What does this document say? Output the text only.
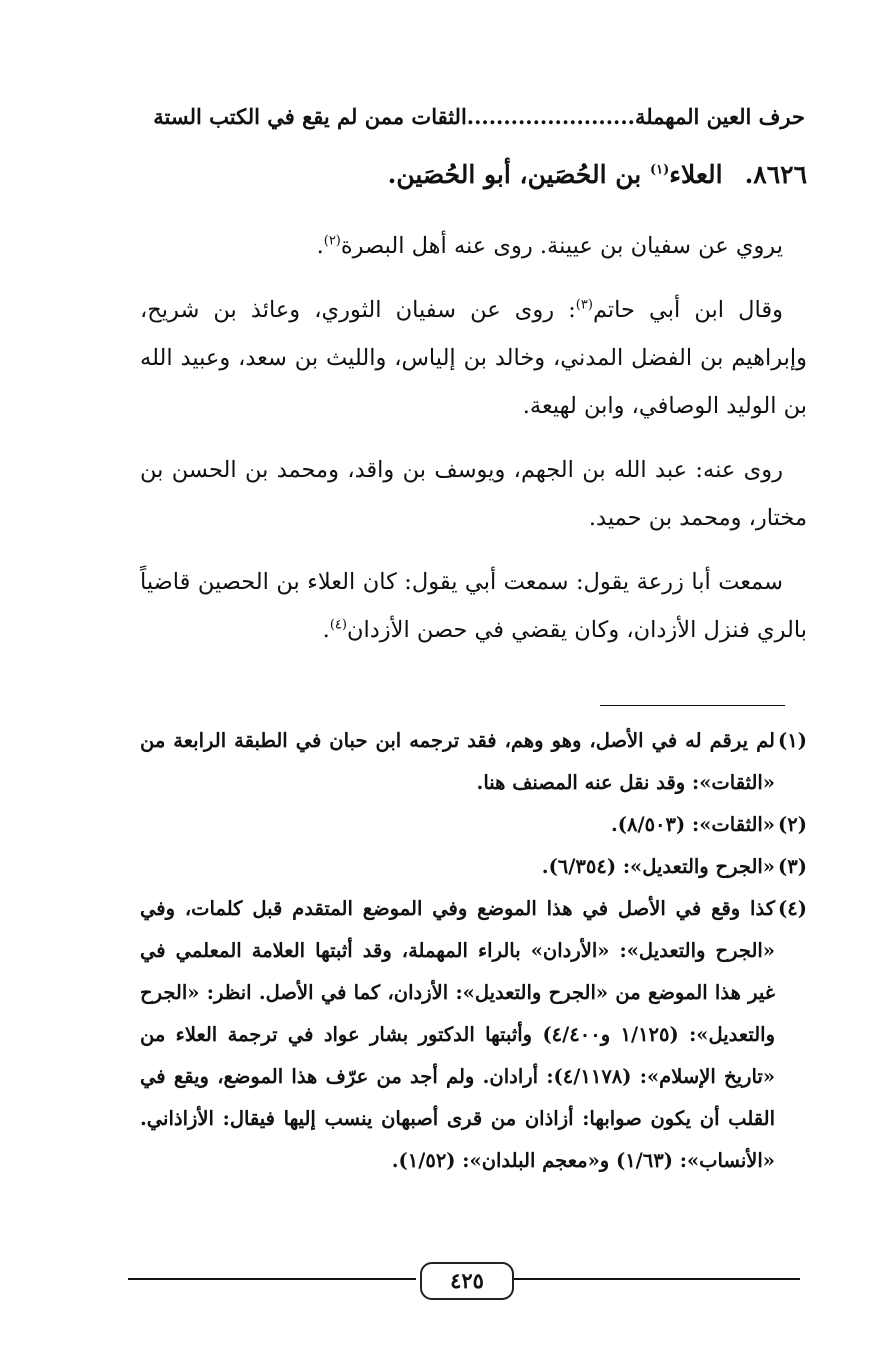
حرف العين المهملة.......................الثقات ممن لم يقع في الكتب الستة
٨٦٢٦.العلاء$^{(١)}$ بن الحُصَين، أبو الحُصَين.

يروي عن سفيان بن عيينة. روى عنه أهل البصرة$^{(٢)}$.

وقال ابن أبي حاتم$^{(٣)}$: روى عن سفيان الثوري، وعائذ بن شريح، وإبراهيم بن الفضل المدني، وخالد بن إلياس، والليث بن سعد، وعبيد الله بن الوليد الوصافي، وابن لهيعة.

روى عنه: عبد الله بن الجهم، ويوسف بن واقد، ومحمد بن الحسن بن مختار، ومحمد بن حميد.

سمعت أبا زرعة يقول: سمعت أبي يقول: كان العلاء بن الحصين قاضياً بالري فنزل الأزدان، وكان يقضي في حصن الأزدان$^{(٤)}$.

(١)لم يرقم له في الأصل، وهو وهم، فقد ترجمه ابن حبان في الطبقة الرابعة من «الثقات»: وقد نقل عنه المصنف هنا.

(٢)«الثقات»: (٨/٥٠٣).

(٣)«الجرح والتعديل»: (٦/٣٥٤).

(٤)كذا وقع في الأصل في هذا الموضع وفي الموضع المتقدم قبل كلمات، وفي «الجرح والتعديل»: «الأردان» بالراء المهملة، وقد أثبتها العلامة المعلمي في غير هذا الموضع من «الجرح والتعديل»: الأزدان، كما في الأصل. انظر: «الجرح والتعديل»: (١/١٢٥ و٤/٤٠٠) وأثبتها الدكتور بشار عواد في ترجمة العلاء من «تاريخ الإسلام»: (٤/١١٧٨): أرادان. ولم أجد من عرّف هذا الموضع، ويقع في القلب أن يكون صوابها: أزاذان من قرى أصبهان ينسب إليها فيقال: الأزاذاني. «الأنساب»: (١/٦٣) و«معجم البلدان»: (١/٥٢).

٤٢٥
